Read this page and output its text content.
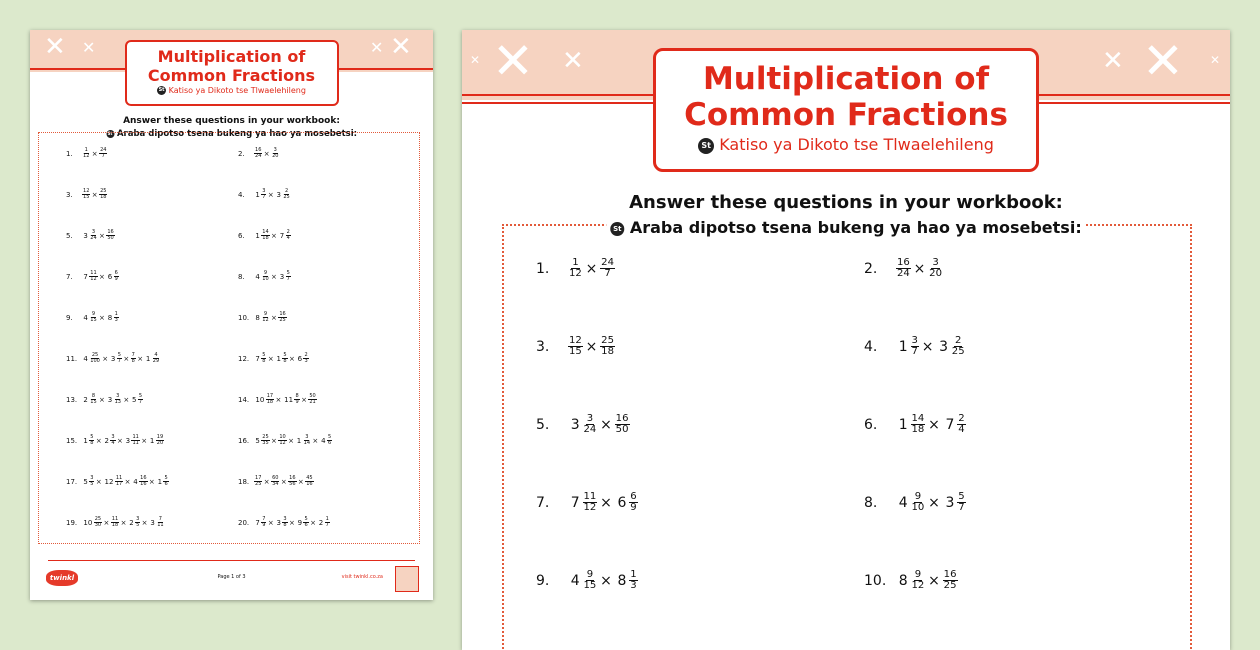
✕ ✕	✕ ✕
Multiplication of
Common Fractions
St Katiso ya Dikoto tse Tlwaelehileng
Answer these questions in your workbook:
St Araba dipotso tsena bukeng ya hao ya mosebetsi:
1. $\frac{1}{12} \times \frac{24}{7}$	2. $\frac{16}{24} \times \frac{3}{20}$
3. $\frac{12}{15} \times \frac{25}{18}$	4. $1 \frac{3}{7} \times 3 \frac{2}{25}$
5. $3 \frac{3}{24} \times \frac{16}{50}$	6. $1 \frac{14}{18} \times 7 \frac{2}{4}$
7. $7 \frac{11}{12} \times 6 \frac{6}{9}$	8. $4 \frac{9}{10} \times 3 \frac{5}{7}$
9. $4 \frac{9}{15} \times 8 \frac{1}{3}$	10. $8 \frac{9}{12} \times \frac{16}{25}$
11. $4 \frac{25}{100} \times 3 \frac{5}{7} \times \frac{7}{8} \times 1 \frac{4}{29}$	12. $7 \frac{5}{8} \times 1 \frac{5}{8} \times 6 \frac{2}{3}$
13. $2 \frac{8}{15} \times 3 \frac{3}{13} \times 5 \frac{5}{7}$	14. $10 \frac{17}{18} \times 11 \frac{8}{9} \times \frac{50}{21}$
15. $1 \frac{5}{8} \times 2 \frac{3}{4} \times 3 \frac{11}{11} \times 1 \frac{19}{20}$	16. $5 \frac{25}{35} \times \frac{10}{12} \times 1 \frac{3}{14} \times 4 \frac{5}{6}$
17. $5 \frac{3}{5} \times 12 \frac{11}{17} \times 4 \frac{16}{16} \times 1 \frac{5}{6}$	18. $\frac{17}{25} \times \frac{60}{34} \times \frac{16}{56} \times \frac{45}{16}$
19. $10 \frac{25}{30} \times \frac{11}{18} \times 2 \frac{3}{5} \times 3 \frac{7}{11}$	20. $7 \frac{7}{9} \times 3 \frac{3}{8} \times 9 \frac{5}{6} \times 2 \frac{1}{7}$
twinkl	Page 1 of 3	visit twinkl.co.za
✕ ✕
✕	✕ ✕ ✕
Multiplication of
Common Fractions
St Katiso ya Dikoto tse Tlwaelehileng
Answer these questions in your workbook:
St Araba dipotso tsena bukeng ya hao ya mosebetsi:
1. $\frac{1}{12} \times \frac{24}{7}$	2. $\frac{16}{24} \times \frac{3}{20}$
3. $\frac{12}{15} \times \frac{25}{18}$	4. $1 \frac{3}{7} \times 3 \frac{2}{25}$
5. $3 \frac{3}{24} \times \frac{16}{50}$	6. $1 \frac{14}{18} \times 7 \frac{2}{4}$
7. $7 \frac{11}{12} \times 6 \frac{6}{9}$	8. $4 \frac{9}{10} \times 3 \frac{5}{7}$
9. $4 \frac{9}{15} \times 8 \frac{1}{3}$	10. $8 \frac{9}{12} \times \frac{16}{25}$
